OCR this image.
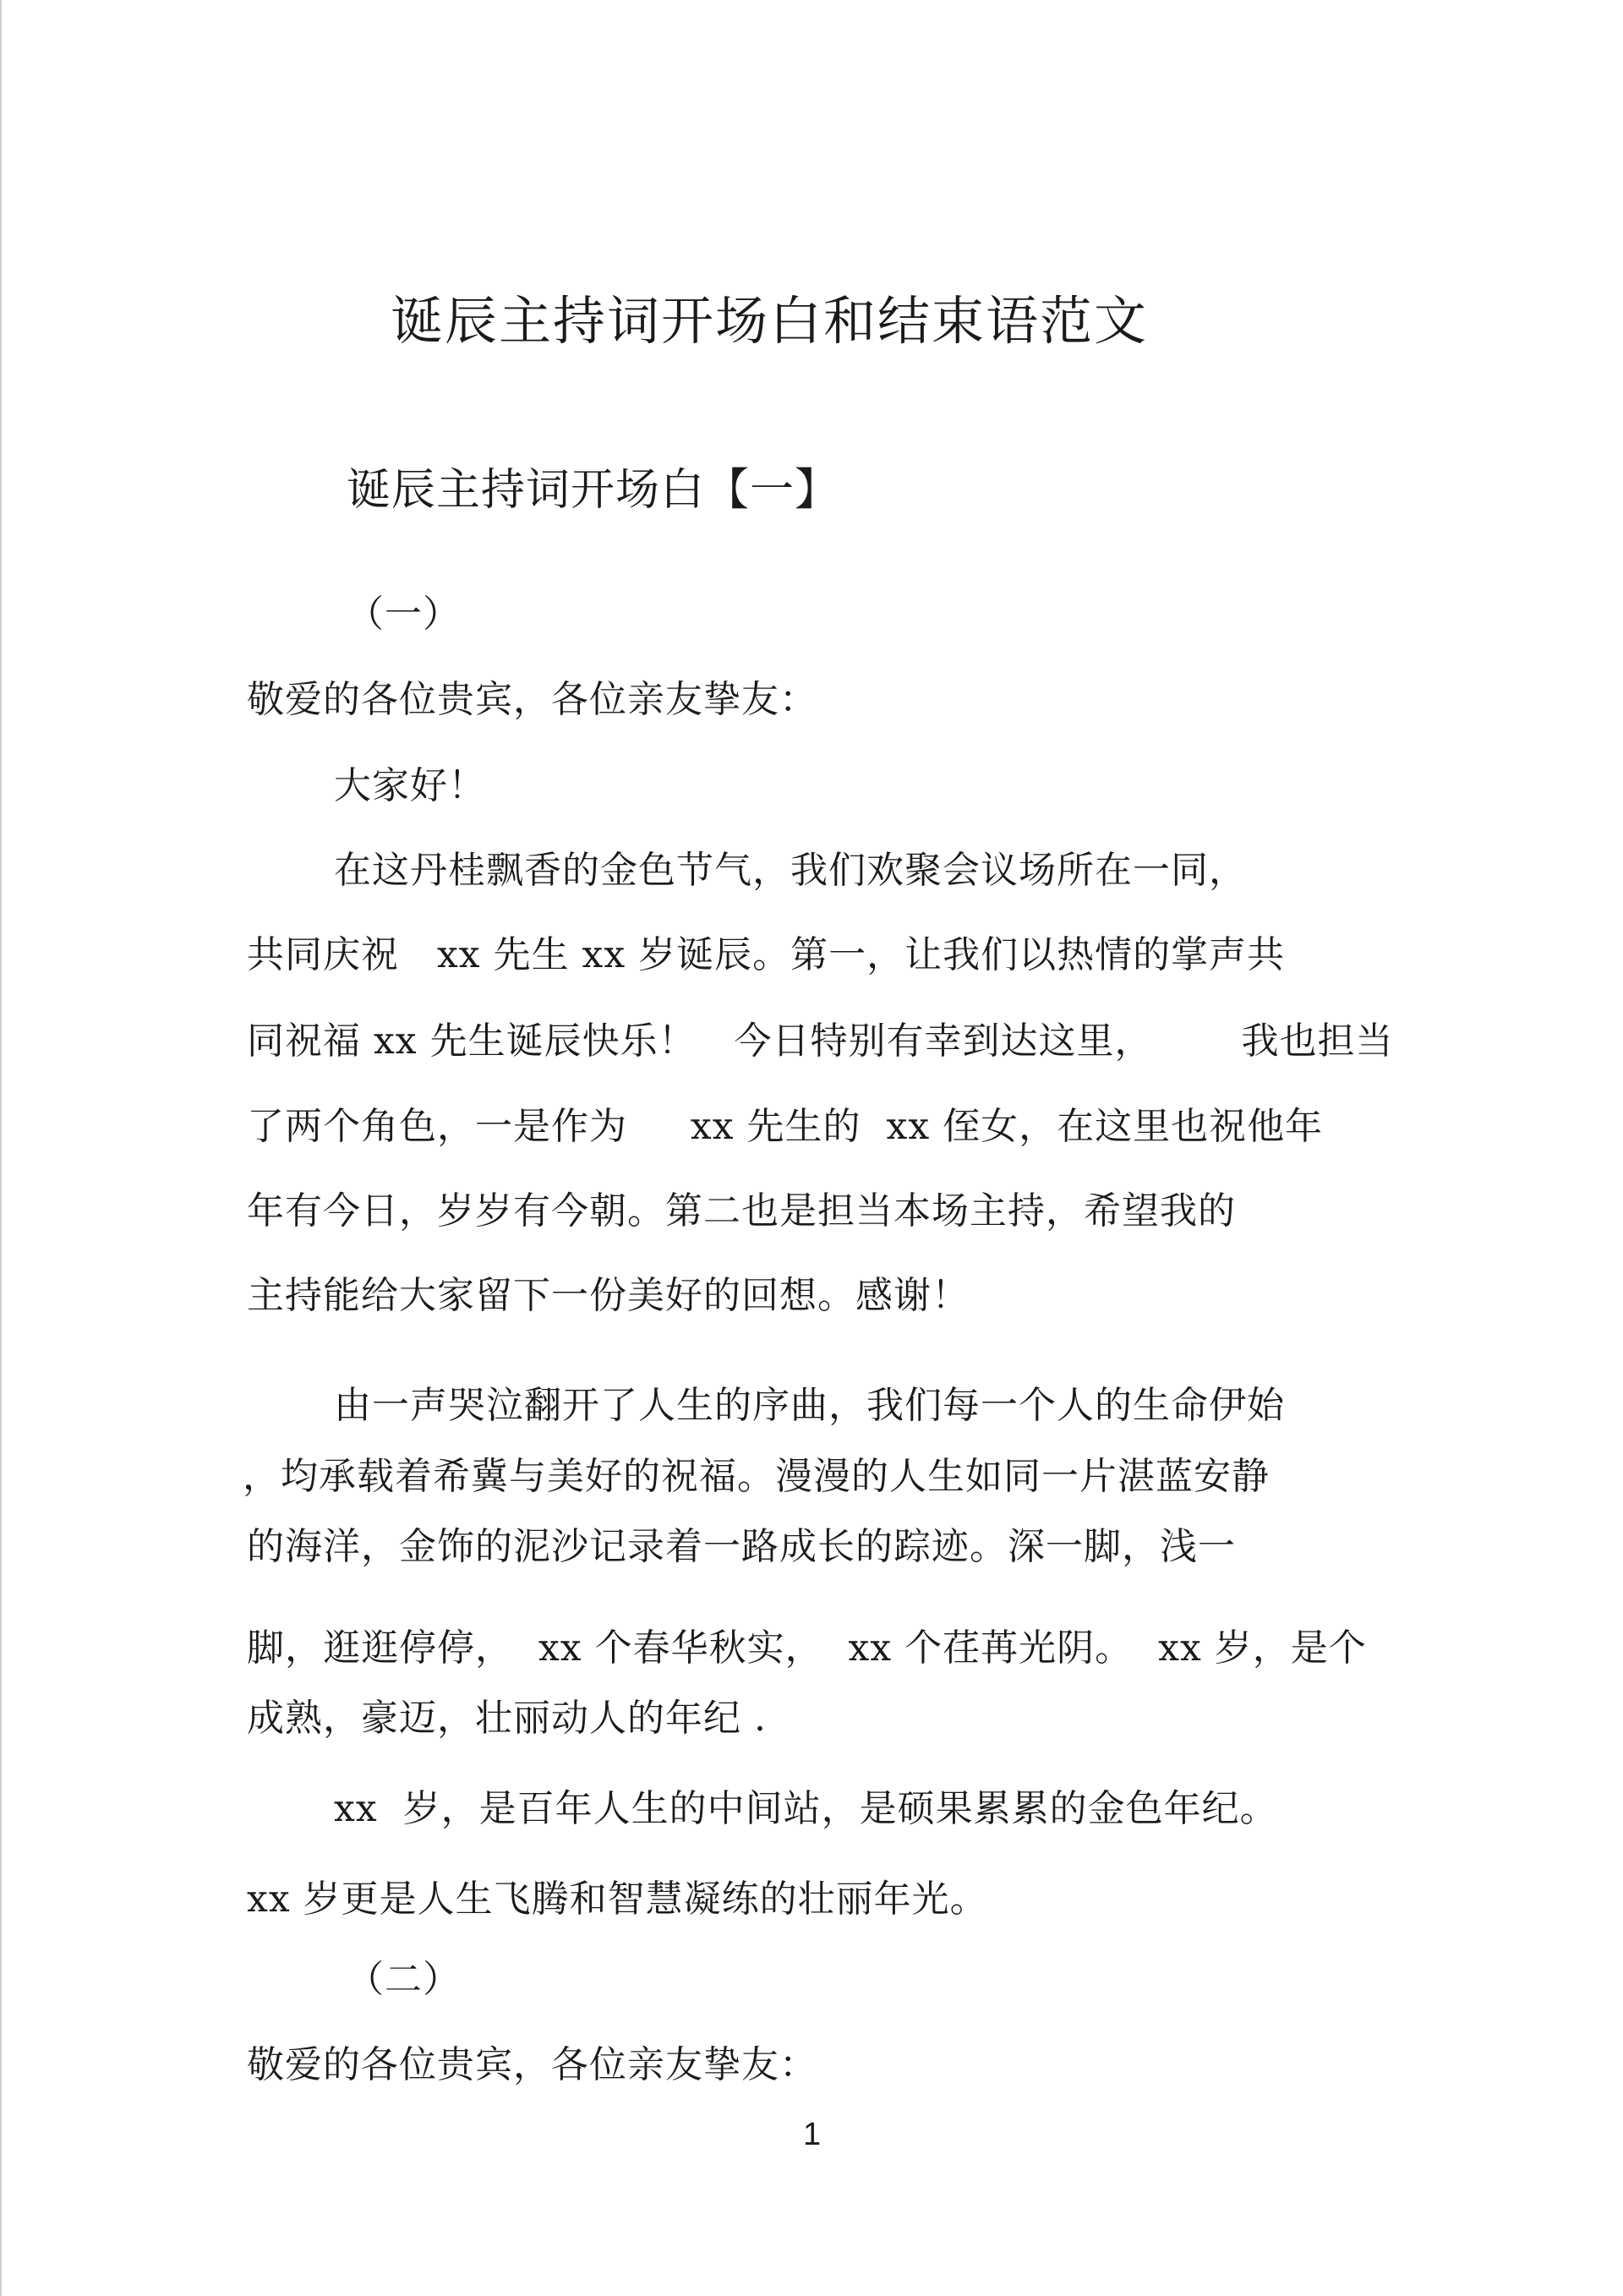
诞辰主持词开场白和结束语范文
诞辰主持词开场白【一】
（一）
敬爱的各位贵宾，各位亲友挚友：
大家好！
在这丹桂飘香的金色节气，我们欢聚会议场所在一同，
共同庆祝   xx 先生 xx 岁诞辰。第一，让我们以热情的掌声共
同祝福 xx 先生诞辰快乐！   今日特别有幸到达这里，       我也担当
了两个角色，一是作为     xx 先生的  xx 侄女，在这里也祝他年
年有今日，岁岁有今朝。第二也是担当本场主持，希望我的
主持能给大家留下一份美好的回想。感谢！
由一声哭泣翻开了人生的序曲，我们每一个人的生命伊始
，均承载着希冀与美好的祝福。漫漫的人生如同一片湛蓝安静
的海洋，金饰的泥沙记录着一路成长的踪迹。深一脚，浅一
脚，逛逛停停，  xx 个春华秋实，  xx 个荏苒光阴。  xx 岁，是个
成熟，豪迈，壮丽动人的年纪 .
xx  岁，是百年人生的中间站，是硕果累累的金色年纪。
xx 岁更是人生飞腾和智慧凝练的壮丽年光。
（二）
敬爱的各位贵宾，各位亲友挚友：
1
